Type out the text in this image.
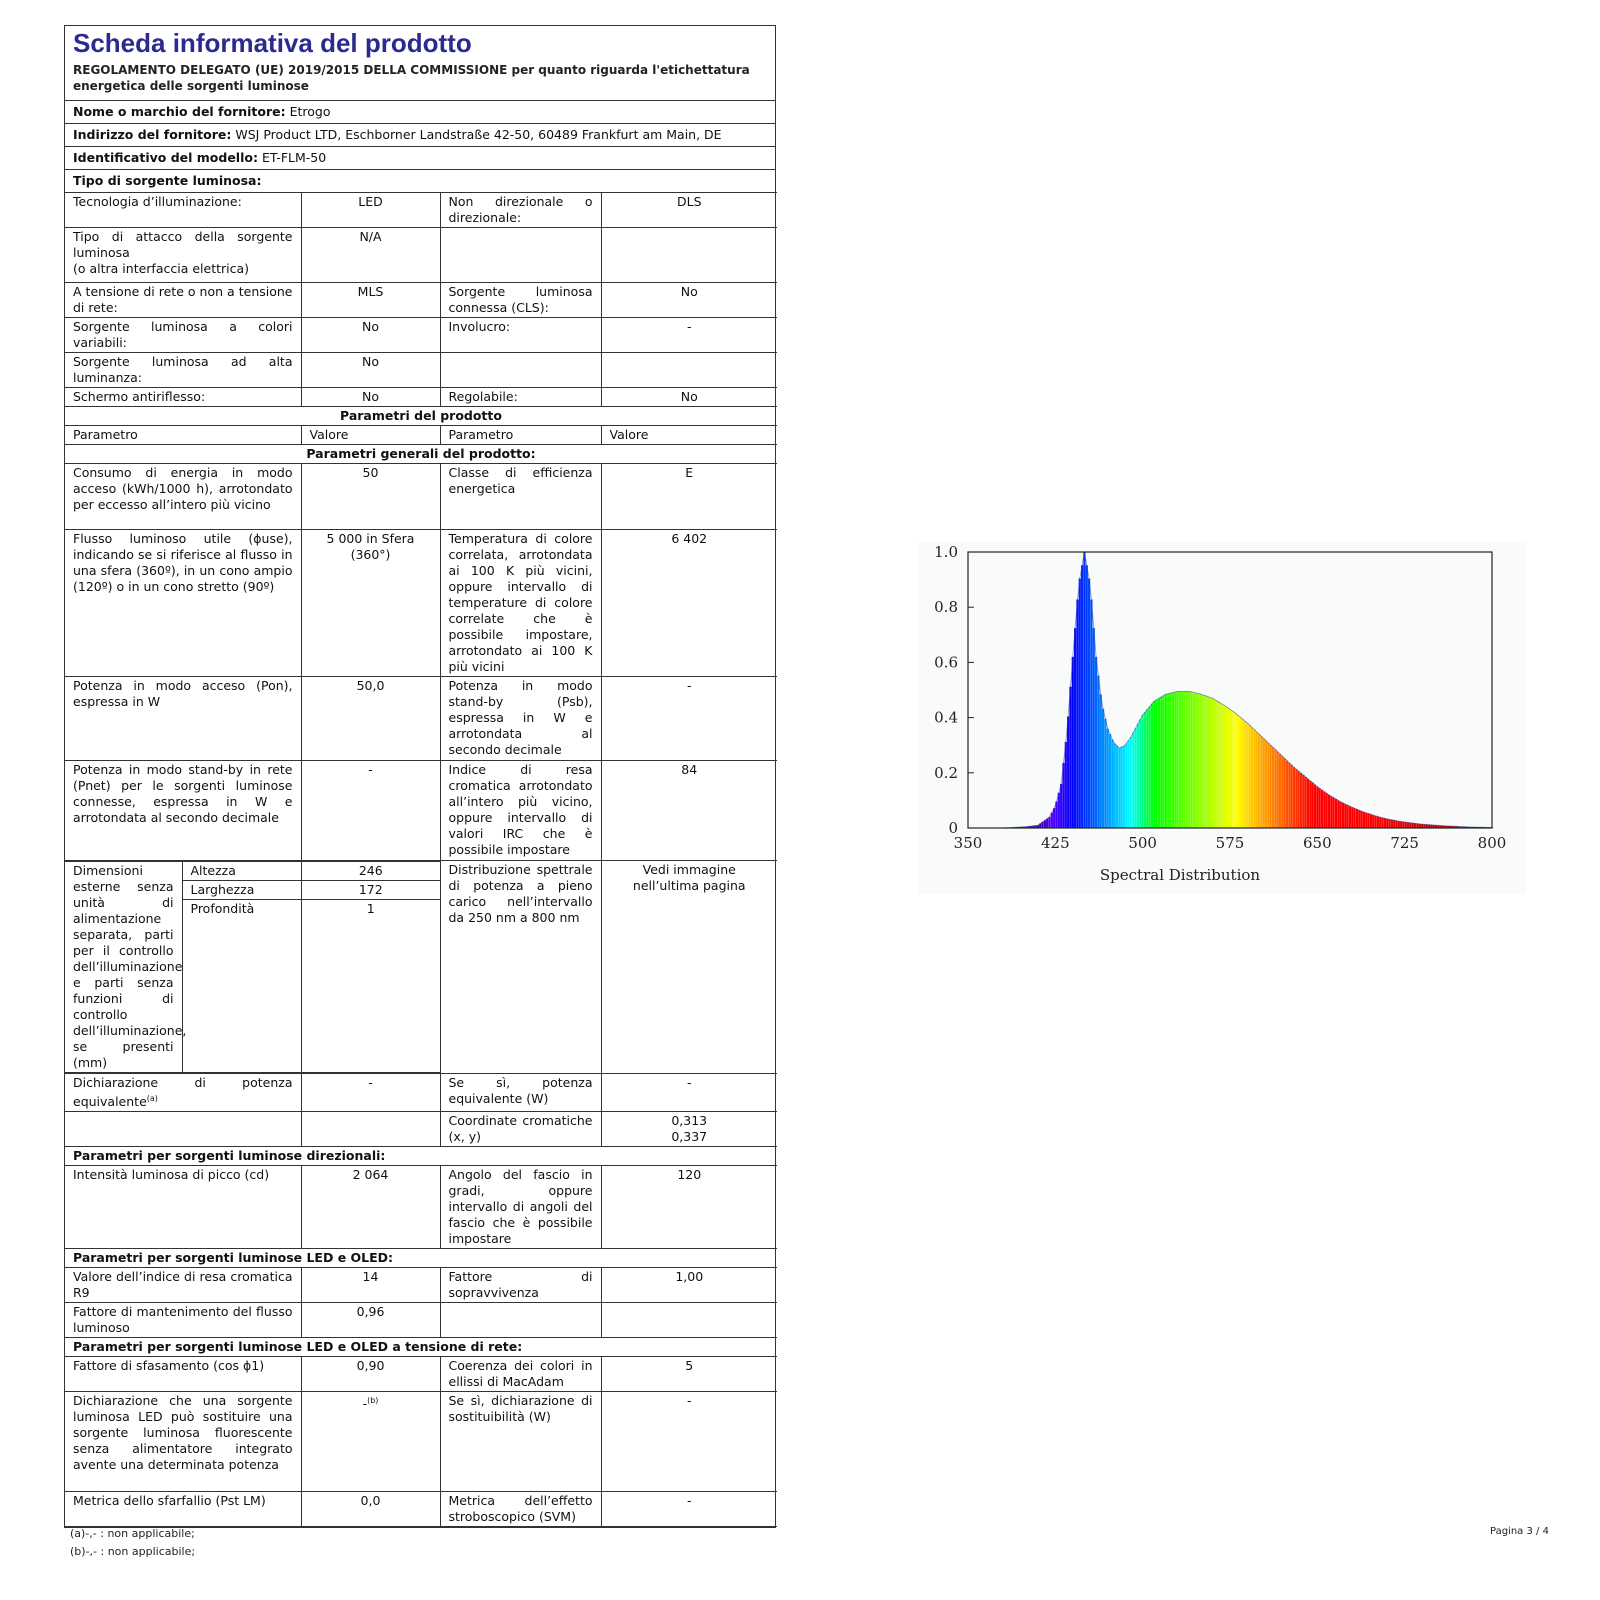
Scheda informativa del prodotto
REGOLAMENTO DELEGATO (UE) 2019/2015 DELLA COMMISSIONE per quanto riguarda l'etichettatura energetica delle sorgenti luminose
Nome o marchio del fornitore: Etrogo
Indirizzo del fornitore: WSJ Product LTD, Eschborner Landstraße 42-50, 60489 Frankfurt am Main, DE
Identificativo del modello: ET-FLM-50
Tipo di sorgente luminosa:
Tecnologia d’illuminazione:	LED	Non direzionale o direzionale:	DLS
Tipo di attacco della sorgente luminosa
(o altra interfaccia elettrica)	N/A		
A tensione di rete o non a tensione di rete:	MLS	Sorgente luminosa connessa (CLS):	No
Sorgente luminosa a colori variabili:	No	Involucro:	-
Sorgente luminosa ad alta luminanza:	No		
Schermo antiriflesso:	No	Regolabile:	No
Parametri del prodotto
Parametro	Valore	Parametro	Valore
Parametri generali del prodotto:
Consumo di energia in modo acceso (kWh/1000 h), arrotondato per eccesso all’intero più vicino	50	Classe di efficienza energetica	E
Flusso luminoso utile (ɸuse), indicando se si riferisce al flusso in una sfera (360º), in un cono ampio (120º) o in un cono stretto (90º)	5 000 in Sfera (360°)	Temperatura di colore correlata, arrotondata ai 100 K più vicini, oppure intervallo di temperature di colore correlate che è possibile impostare, arrotondato ai 100 K più vicini	6 402
Potenza in modo acceso (Pon), espressa in W	50,0	Potenza in modo stand-by (Psb), espressa in W e arrotondata al secondo decimale	-
Potenza in modo stand-by in rete (Pnet) per le sorgenti luminose connesse, espressa in W e arrotondata al secondo decimale	-	Indice di resa cromatica arrotondato all’intero più vicino, oppure intervallo di valori IRC che è possibile impostare	84

Dimensioni esterne senza unità di alimentazione separata, parti per il controllo dell’illuminazione e parti senza funzioni di controllo dell’illuminazione, se presenti (mm)	Altezza	246
Larghezza	172
Profondità	1
	Distribuzione spettrale di potenza a pieno carico nell’intervallo da 250 nm a 800 nm	Vedi immagine nell’ultima pagina
Dichiarazione di potenza equivalente$^{(a)}$	-	Se sì, potenza equivalente (W)	-
		Coordinate cromatiche (x, y)	0,313
0,337
Parametri per sorgenti luminose direzionali:
Intensità luminosa di picco (cd)	2 064	Angolo del fascio in gradi, oppure intervallo di angoli del fascio che è possibile impostare	120
Parametri per sorgenti luminose LED e OLED:
Valore dell’indice di resa cromatica R9	14	Fattore di sopravvivenza	1,00
Fattore di mantenimento del flusso luminoso	0,96		
Parametri per sorgenti luminose LED e OLED a tensione di rete:
Fattore di sfasamento (cos ɸ1)	0,90	Coerenza dei colori in ellissi di MacAdam	5
Dichiarazione che una sorgente luminosa LED può sostituire una sorgente luminosa fluorescente senza alimentatore integrato avente una determinata potenza	-$^{(b)}$	Se sì, dichiarazione di sostituibilità (W)	-
Metrica dello sfarfallio (Pst LM)	0,0	Metrica dell’effetto stroboscopico (SVM)	-
(a)-,- : non applicabile;
(b)-,- : non applicabile;
Pagina 3 / 4
0
0.2
0.4
0.6
0.8
1.0
350	425	500	575	650	725	800
Spectral Distribution
